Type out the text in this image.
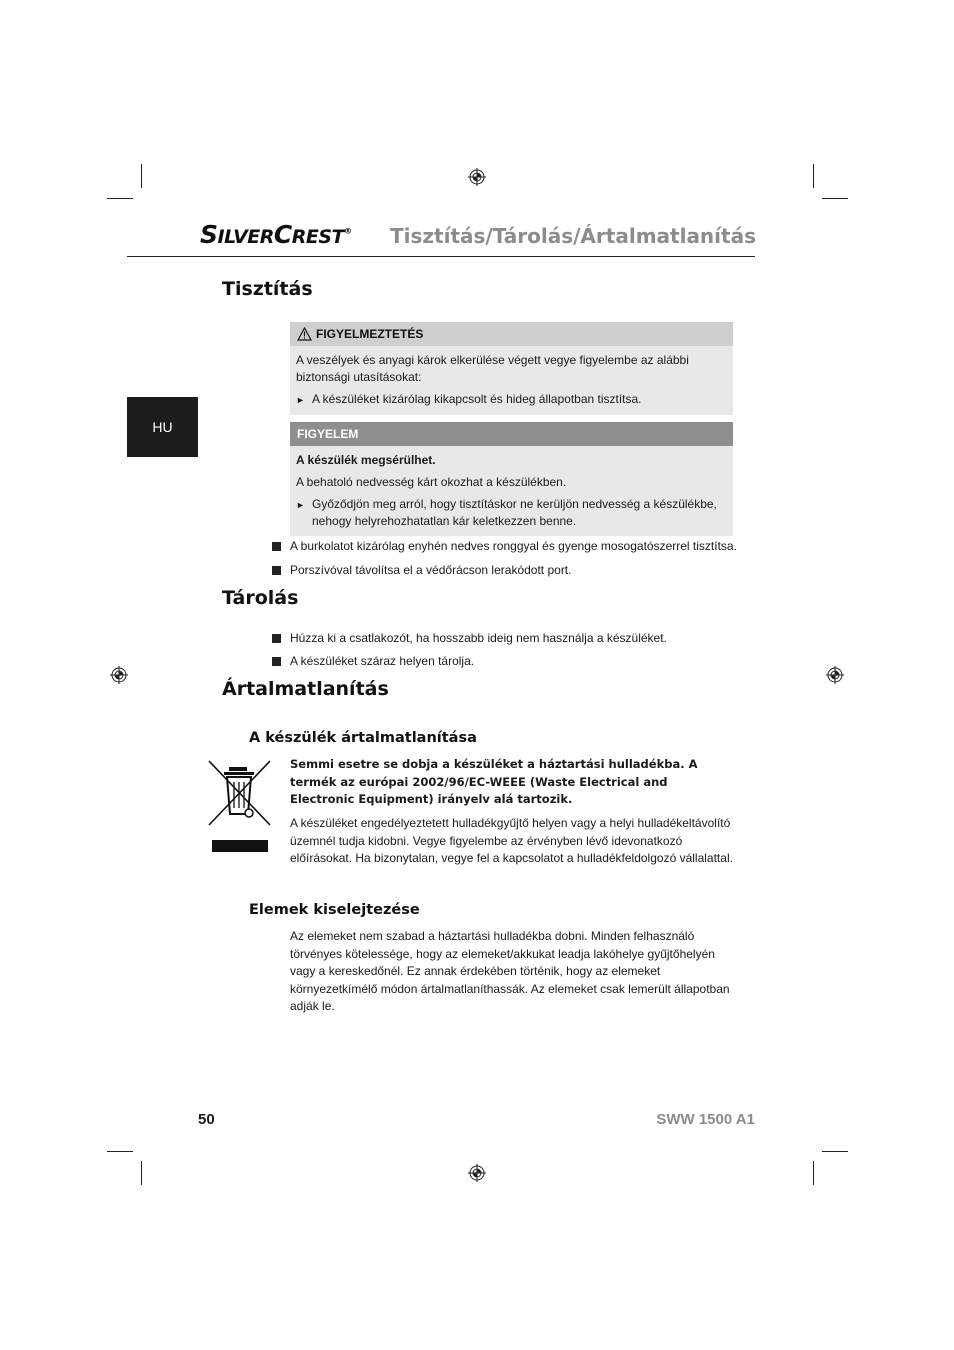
SILVERCREST® Tisztítás/Tárolás/Ártalmatlanítás
HU
Tisztítás
FIGYELMEZTETÉS

A veszélyek és anyagi károk elkerülése végett vegye figyelembe az alábbi biztonsági utasításokat:

► A készüléket kizárólag kikapcsolt és hideg állapotban tisztítsa.
FIGYELEM

A készülék megsérülhet.

A behatoló nedvesség kárt okozhat a készülékben.

► Győződjön meg arról, hogy tisztításkor ne kerüljön nedvesség a készülékbe, nehogy helyrehozhatatlan kár keletkezzen benne.
A burkolatot kizárólag enyhén nedves ronggyal és gyenge mosogatószerrel tisztítsa.
Porszívóval távolítsa el a védőrácson lerakódott port.
Tárolás
Húzza ki a csatlakozót, ha hosszabb ideig nem használja a készüléket.
A készüléket száraz helyen tárolja.
Ártalmatlanítás
A készülék ártalmatlanítása

Semmi esetre se dobja a készüléket a háztartási hulladékba. A termék az európai 2002/96/EC-WEEE (Waste Electrical and Electronic Equipment) irányelv alá tartozik.

A készüléket engedélyeztetett hulladékgyűjtő helyen vagy a helyi hulladékeltávolító üzemnél tudja kidobni. Vegye figyelembe az érvényben lévő idevonatkozó előírásokat. Ha bizonytalan, vegye fel a kapcsolatot a hulladékfeldolgozó vállalattal.

Elemek kiselejtezése

Az elemeket nem szabad a háztartási hulladékba dobni. Minden felhasználó törvényes kötelessége, hogy az elemeket/akkukat leadja lakóhelye gyűjtőhelyén vagy a kereskedőnél. Ez annak érdekében történik, hogy az elemeket környezetkímélő módon ártalmatlaníthassák. Az elemeket csak lemerült állapotban adják le.

50	SWW 1500 A1
